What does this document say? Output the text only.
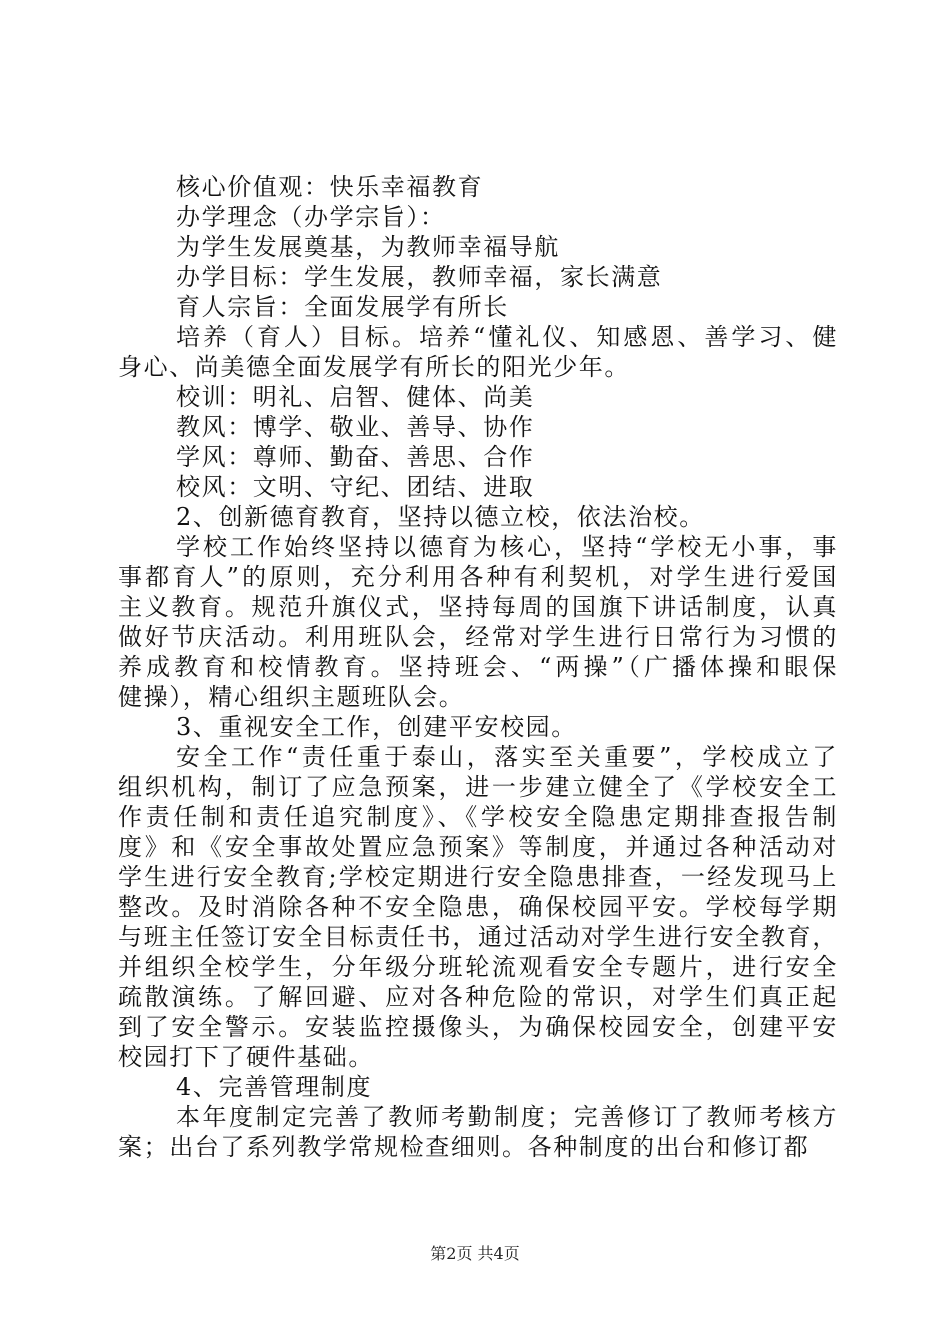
核心价值观：快乐幸福教育
办学理念（办学宗旨）：
为学生发展奠基，为教师幸福导航
办学目标：学生发展，教师幸福，家长满意
育人宗旨：全面发展学有所长
培养（育人）目标。培养“懂礼仪、知感恩、善学习、健
身心、尚美德全面发展学有所长的阳光少年。
校训：明礼、启智、健体、尚美
教风：博学、敬业、善导、协作
学风：尊师、勤奋、善思、合作
校风：文明、守纪、团结、进取
2、创新德育教育，坚持以德立校，依法治校。
学校工作始终坚持以德育为核心，坚持“学校无小事，事
事都育人”的原则，充分利用各种有利契机，对学生进行爱国
主义教育。规范升旗仪式，坚持每周的国旗下讲话制度，认真
做好节庆活动。利用班队会，经常对学生进行日常行为习惯的
养成教育和校情教育。坚持班会、“两操”（广播体操和眼保
健操），精心组织主题班队会。
3、重视安全工作，创建平安校园。
安全工作“责任重于泰山，落实至关重要”，学校成立了
组织机构，制订了应急预案，进一步建立健全了《学校安全工
作责任制和责任追究制度》、《学校安全隐患定期排查报告制
度》和《安全事故处置应急预案》等制度，并通过各种活动对
学生进行安全教育;学校定期进行安全隐患排查，一经发现马上
整改。及时消除各种不安全隐患，确保校园平安。学校每学期
与班主任签订安全目标责任书，通过活动对学生进行安全教育，
并组织全校学生，分年级分班轮流观看安全专题片，进行安全
疏散演练。了解回避、应对各种危险的常识，对学生们真正起
到了安全警示。安装监控摄像头，为确保校园安全，创建平安
校园打下了硬件基础。
4、完善管理制度
本年度制定完善了教师考勤制度；完善修订了教师考核方
案；出台了系列教学常规检查细则。各种制度的出台和修订都
第2页 共4页
